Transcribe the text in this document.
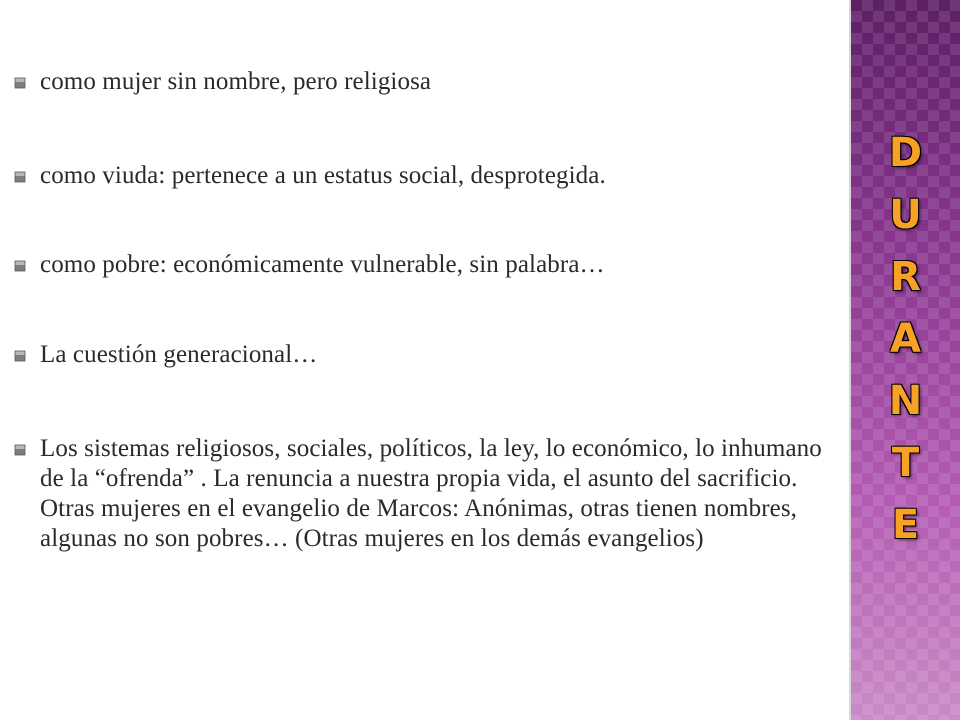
como mujer sin nombre, pero religiosa
como viuda: pertenece a un estatus social, desprotegida.
como pobre: económicamente vulnerable, sin palabra…
La cuestión generacional…
Los sistemas religiosos, sociales, políticos, la ley, lo económico, lo inhumano de la “ofrenda” . La renuncia a nuestra propia vida, el asunto del sacrificio. Otras mujeres en el evangelio de Marcos: Anónimas, otras tienen nombres, algunas no son pobres… (Otras mujeres en los demás evangelios)
D
U
R
A
N
T
E
